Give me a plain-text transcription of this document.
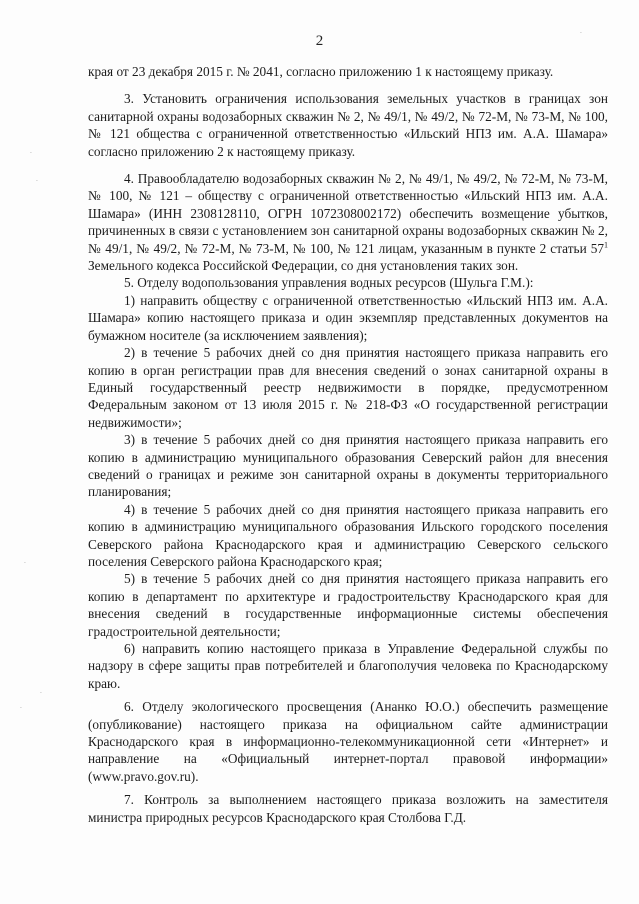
2

края от 23 декабря 2015 г. № 2041, согласно приложению 1 к настоящему приказу.

3. Установить ограничения использования земельных участков в границах зон санитарной охраны водозаборных скважин № 2, № 49/1, № 49/2, № 72-М, № 73-М, № 100, № 121 общества с ограниченной ответственностью «Ильский НПЗ им. А.А. Шамара» согласно приложению 2 к настоящему приказу.

4. Правообладателю водозаборных скважин № 2, № 49/1, № 49/2, № 72-М, № 73-М, № 100, № 121 – обществу с ограниченной ответственностью «Ильский НПЗ им. А.А. Шамара» (ИНН 2308128110, ОГРН 1072308002172) обеспечить возмещение убытков, причиненных в связи с установлением зон санитарной охраны водозаборных скважин № 2, № 49/1, № 49/2, № 72-М, № 73-М, № 100, № 121 лицам, указанным в пункте 2 статьи $57^1$ Земельного кодекса Российской Федерации, со дня установления таких зон.

5. Отделу водопользования управления водных ресурсов (Шульга Г.М.):

1) направить обществу с ограниченной ответственностью «Ильский НПЗ им. А.А. Шамара» копию настоящего приказа и один экземпляр представленных документов на бумажном носителе (за исключением заявления);

2) в течение 5 рабочих дней со дня принятия настоящего приказа направить его копию в орган регистрации прав для внесения сведений о зонах санитарной охраны в Единый государственный реестр недвижимости в порядке, предусмотренном Федеральным законом от 13 июля 2015 г. № 218-ФЗ «О государственной регистрации недвижимости»;

3) в течение 5 рабочих дней со дня принятия настоящего приказа направить его копию в администрацию муниципального образования Северский район для внесения сведений о границах и режиме зон санитарной охраны в документы территориального планирования;

4) в течение 5 рабочих дней со дня принятия настоящего приказа направить его копию в администрацию муниципального образования Ильского городского поселения Северского района Краснодарского края и администрацию Северского сельского поселения Северского района Краснодарского края;

5) в течение 5 рабочих дней со дня принятия настоящего приказа направить его копию в департамент по архитектуре и градостроительству Краснодарского края для внесения сведений в государственные информационные системы обеспечения градостроительной деятельности;

6) направить копию настоящего приказа в Управление Федеральной службы по надзору в сфере защиты прав потребителей и благополучия человека по Краснодарскому краю.

6. Отделу экологического просвещения (Ананко Ю.О.) обеспечить размещение (опубликование) настоящего приказа на официальном сайте администрации Краснодарского края в информационно-телекоммуникационной сети «Интернет» и направление на «Официальный интернет-портал правовой информации» (www.pravo.gov.ru).

7. Контроль за выполнением настоящего приказа возложить на заместителя министра природных ресурсов Краснодарского края Столбова Г.Д.

·
·
·
·
·
·
